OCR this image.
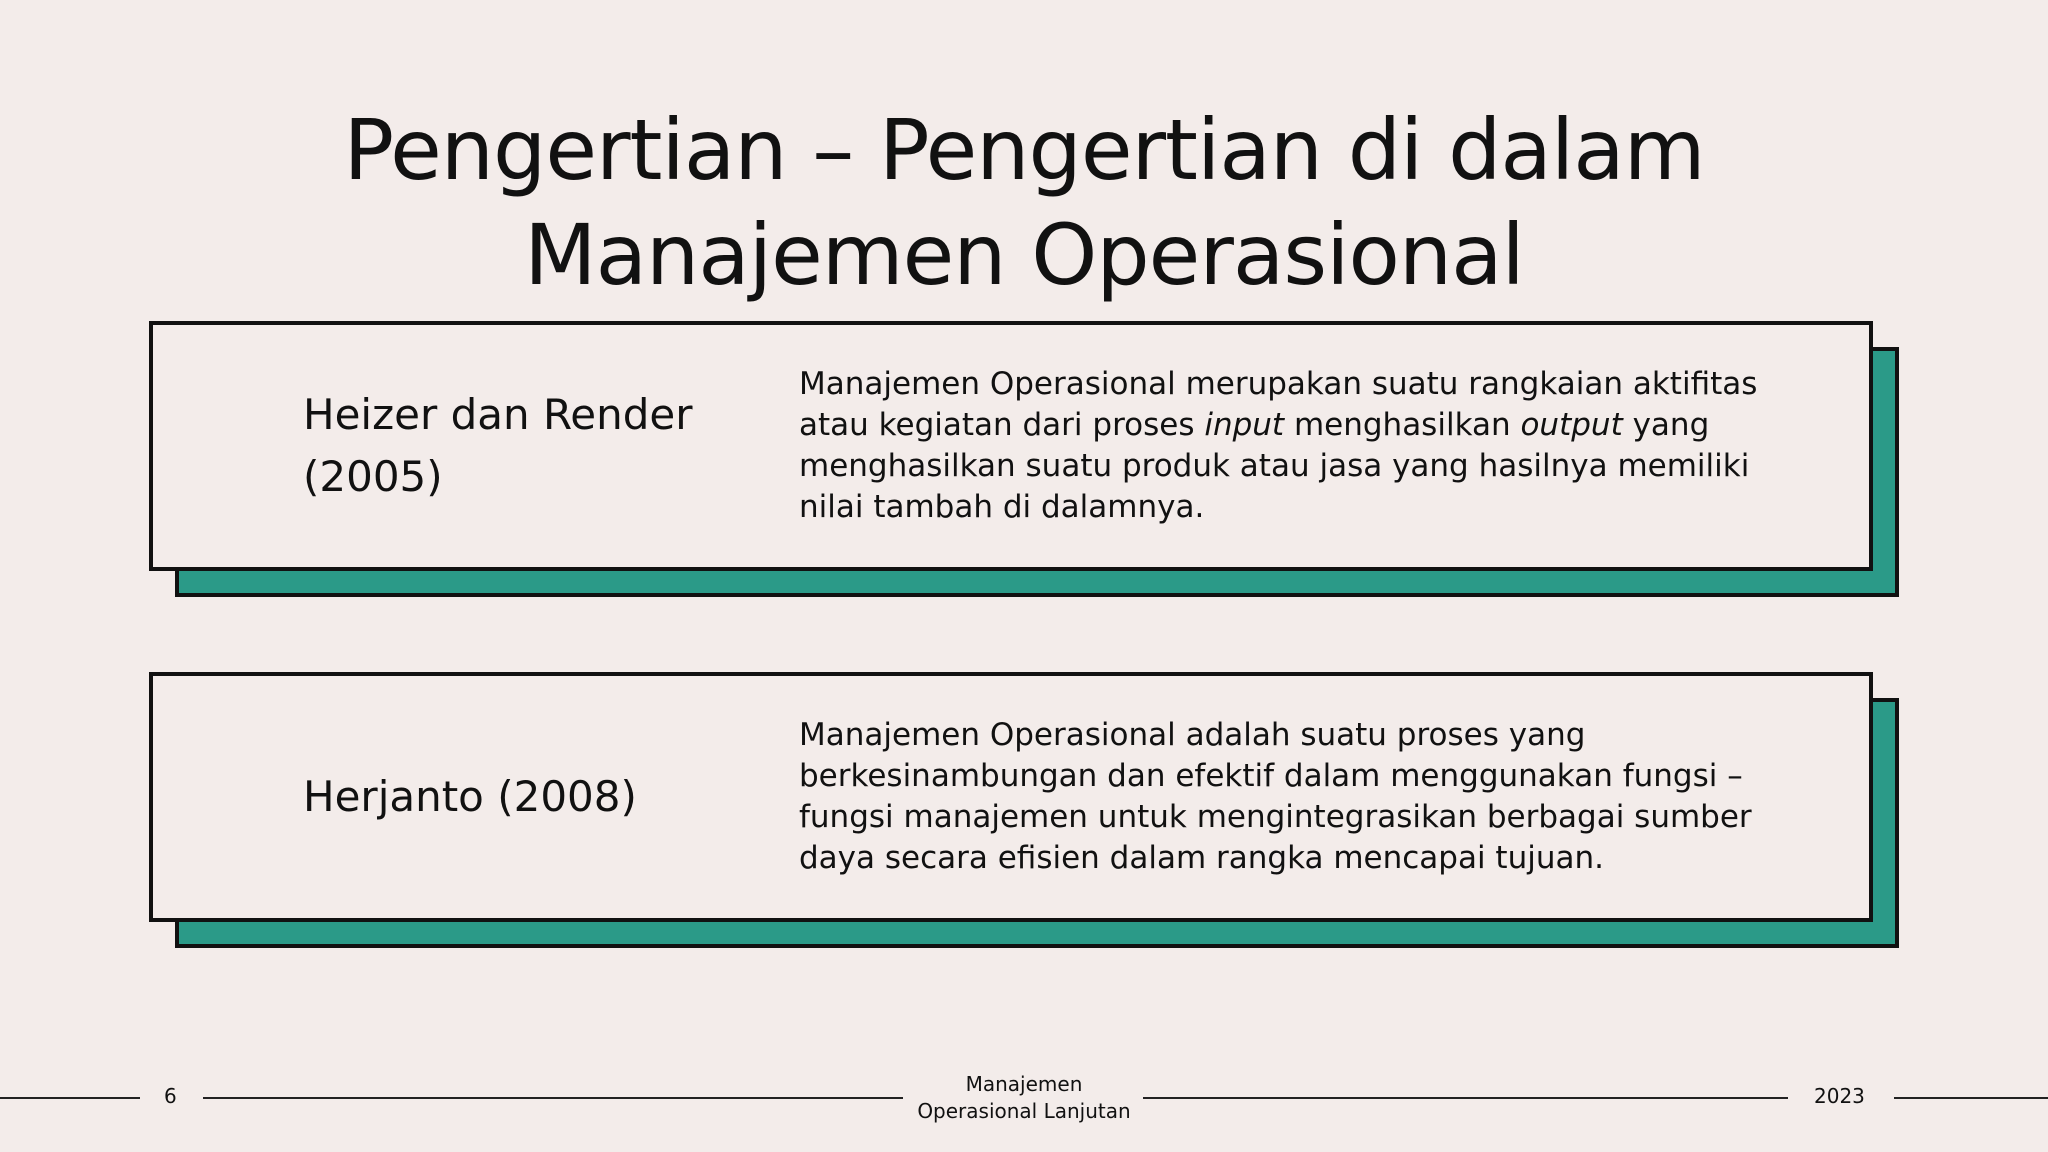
Pengertian – Pengertian di dalam
Manajemen Operasional
Heizer dan Render
(2005)
Manajemen Operasional merupakan suatu rangkaian aktifitas atau kegiatan dari proses input menghasilkan output yang menghasilkan suatu produk atau jasa yang hasilnya memiliki nilai tambah di dalamnya.
Herjanto (2008)
Manajemen Operasional adalah suatu proses yang berkesinambungan dan efektif dalam menggunakan fungsi – fungsi manajemen untuk mengintegrasikan berbagai sumber daya secara efisien dalam rangka mencapai tujuan.
6	Manajemen
Operasional Lanjutan
2023
